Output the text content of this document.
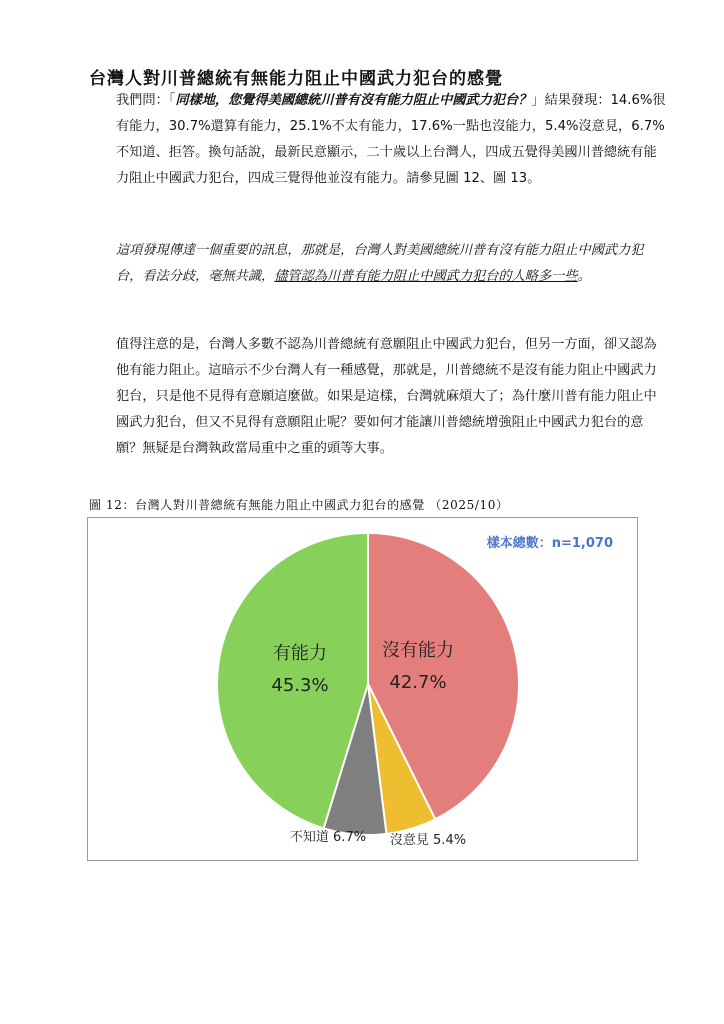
台灣人對川普總統有無能力阻止中國武力犯台的感覺
我們問：「同樣地，您覺得美國總統川普有沒有能力阻止中國武力犯台？」結果發現：14.6%很有能力，30.7%還算有能力，25.1%不太有能力，17.6%一點也沒能力，5.4%沒意見，6.7%不知道、拒答。換句話說，最新民意顯示，二十歲以上台灣人，四成五覺得美國川普總統有能力阻止中國武力犯台，四成三覺得他並沒有能力。請參見圖 12、圖 13。
這項發現傳達一個重要的訊息，那就是，台灣人對美國總統川普有沒有能力阻止中國武力犯台，看法分歧，毫無共識，儘管認為川普有能力阻止中國武力犯台的人略多一些。
值得注意的是，台灣人多數不認為川普總統有意願阻止中國武力犯台，但另一方面，卻又認為他有能力阻止。這暗示不少台灣人有一種感覺，那就是，川普總統不是沒有能力阻止中國武力犯台，只是他不見得有意願這麼做。如果是這樣，台灣就麻煩大了；為什麼川普有能力阻止中國武力犯台，但又不見得有意願阻止呢？要如何才能讓川普總統增強阻止中國武力犯台的意願？無疑是台灣執政當局重中之重的頭等大事。
圖 12：台灣人對川普總統有無能力阻止中國武力犯台的感覺 （2025/10）
樣本總數：n=1,070
沒有能力
42.7%
沒意見 5.4%
不知道 6.7%
有能力
45.3%
